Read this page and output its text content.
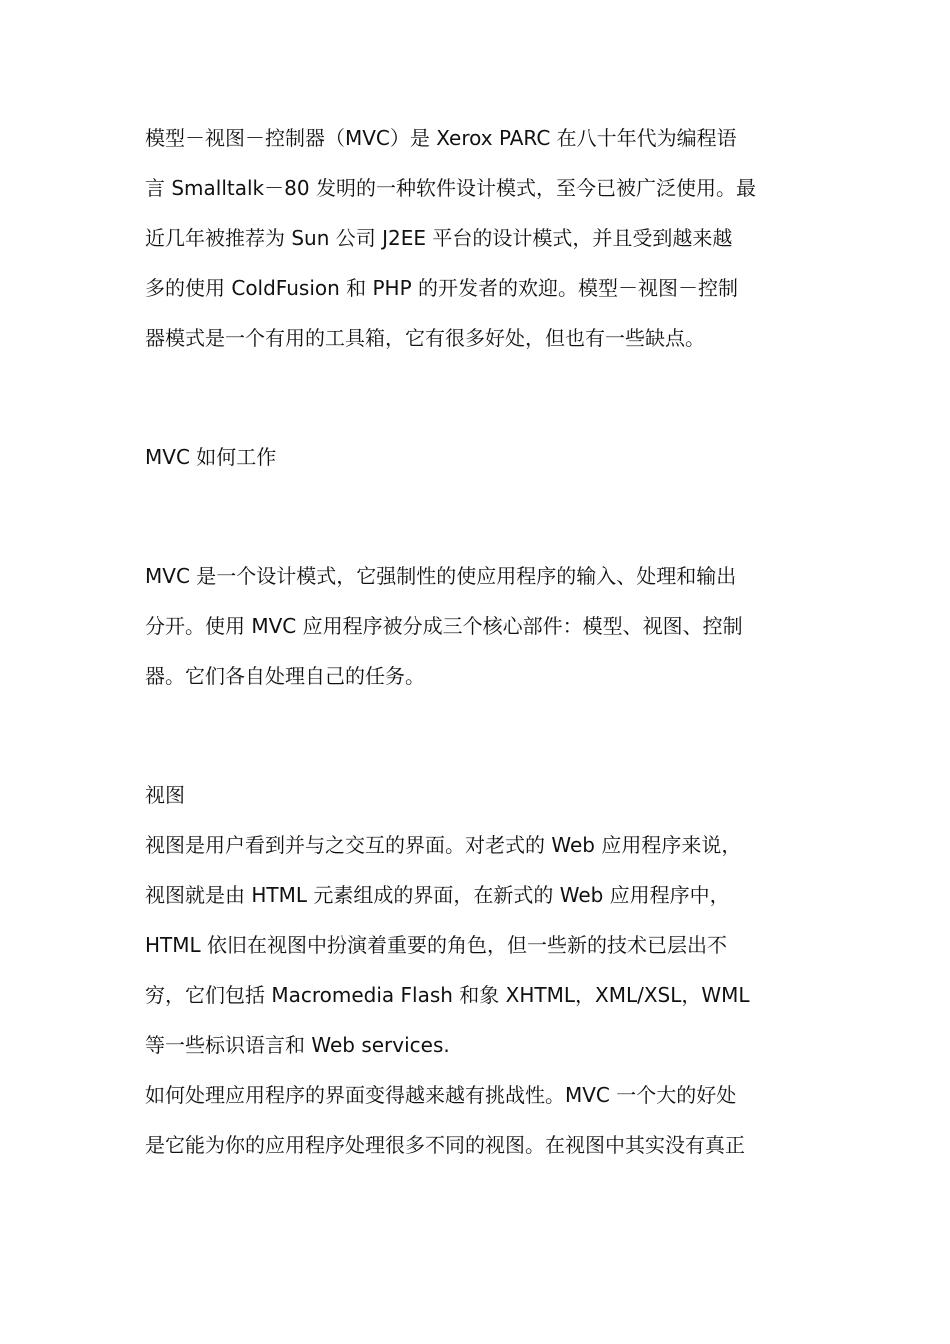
模型－视图－控制器（MVC）是 Xerox PARC 在八十年代为编程语
言 Smalltalk－80 发明的一种软件设计模式，至今已被广泛使用。最
近几年被推荐为 Sun 公司 J2EE 平台的设计模式，并且受到越来越
多的使用 ColdFusion 和 PHP 的开发者的欢迎。模型－视图－控制
器模式是一个有用的工具箱，它有很多好处，但也有一些缺点。
MVC 如何工作
MVC 是一个设计模式，它强制性的使应用程序的输入、处理和输出
分开。使用 MVC 应用程序被分成三个核心部件：模型、视图、控制
器。它们各自处理自己的任务。
视图
视图是用户看到并与之交互的界面。对老式的 Web 应用程序来说，
视图就是由 HTML 元素组成的界面，在新式的 Web 应用程序中，
HTML 依旧在视图中扮演着重要的角色，但一些新的技术已层出不
穷，它们包括 Macromedia Flash 和象 XHTML，XML/XSL，WML
等一些标识语言和 Web services.
如何处理应用程序的界面变得越来越有挑战性。MVC 一个大的好处
是它能为你的应用程序处理很多不同的视图。在视图中其实没有真正
